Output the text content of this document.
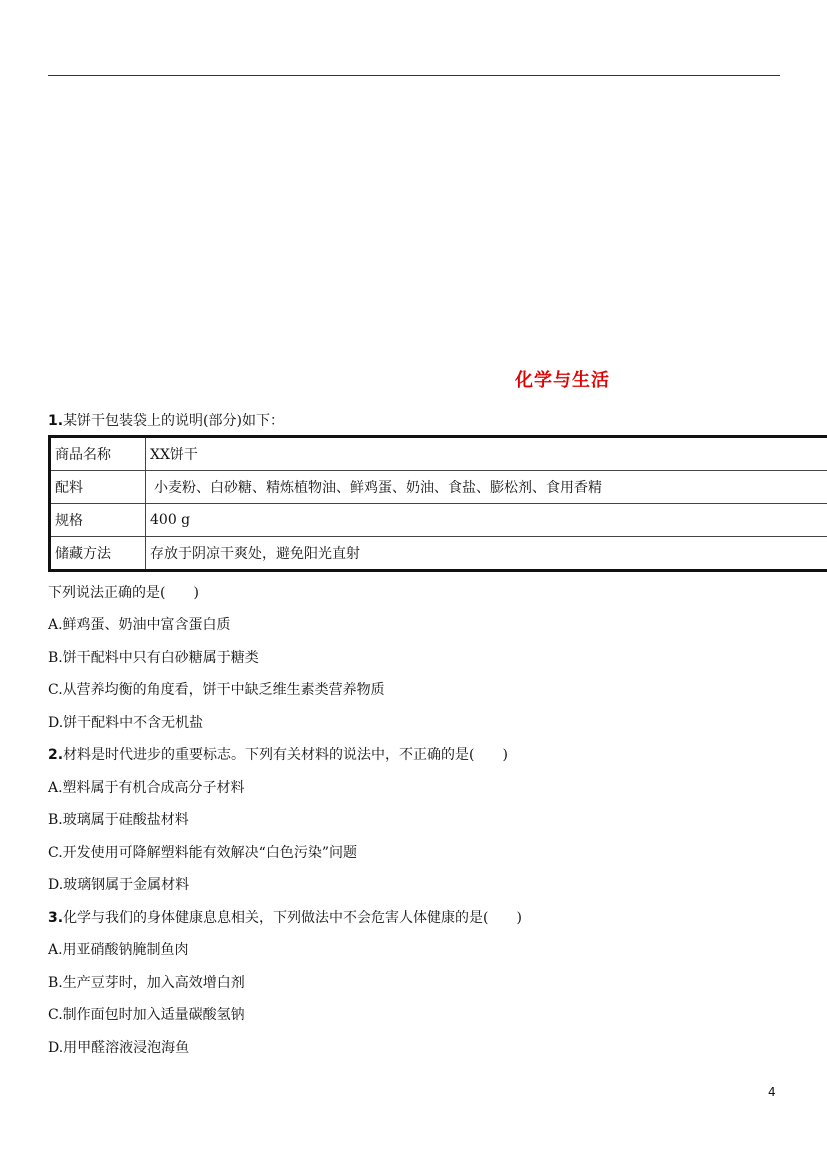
化学与生活
1.某饼干包装袋上的说明(部分)如下：
商品名称	XX饼干
配料	小麦粉、白砂糖、精炼植物油、鲜鸡蛋、奶油、食盐、膨松剂、食用香精
规格	400 g
储藏方法	存放于阴凉干爽处，避免阳光直射
下列说法正确的是(　　)
A.鲜鸡蛋、奶油中富含蛋白质
B.饼干配料中只有白砂糖属于糖类
C.从营养均衡的角度看，饼干中缺乏维生素类营养物质
D.饼干配料中不含无机盐
2.材料是时代进步的重要标志。下列有关材料的说法中，不正确的是(　　)
A.塑料属于有机合成高分子材料
B.玻璃属于硅酸盐材料
C.开发使用可降解塑料能有效解决“白色污染”问题
D.玻璃钢属于金属材料
3.化学与我们的身体健康息息相关，下列做法中不会危害人体健康的是(　　)
A.用亚硝酸钠腌制鱼肉
B.生产豆芽时，加入高效增白剂
C.制作面包时加入适量碳酸氢钠
D.用甲醛溶液浸泡海鱼
4
